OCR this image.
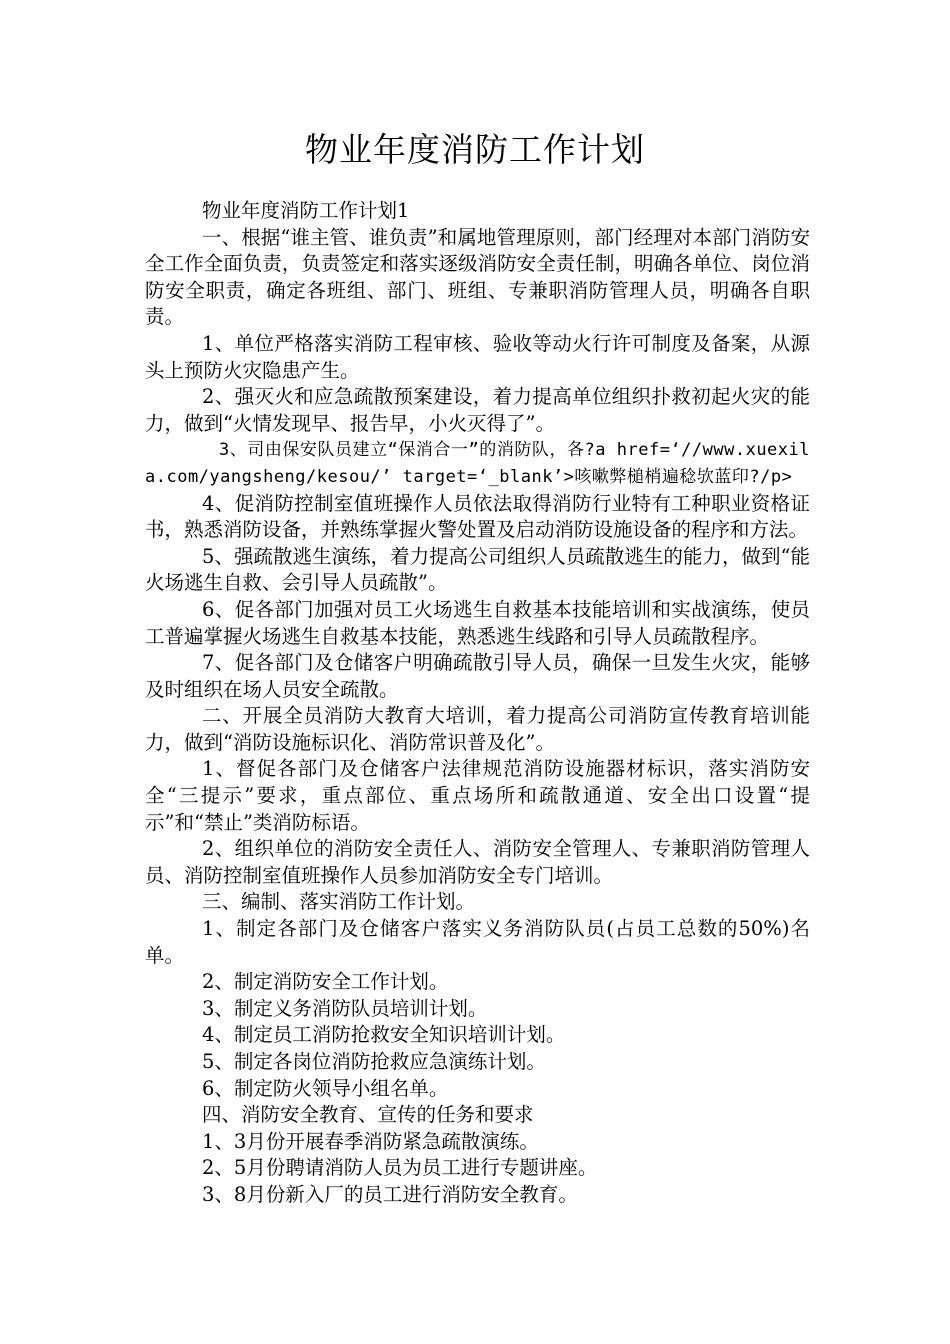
物业年度消防工作计划

物业年度消防工作计划1

一、根据“谁主管、谁负责”和属地管理原则，部门经理对本部门消防安全工作全面负责，负责签定和落实逐级消防安全责任制，明确各单位、岗位消防安全职责，确定各班组、部门、班组、专兼职消防管理人员，明确各自职责。

1、单位严格落实消防工程审核、验收等动火行许可制度及备案，从源头上预防火灾隐患产生。

2、强灭火和应急疏散预案建设，着力提高单位组织扑救初起火灾的能力，做到“火情发现早、报告早，小火灭得了”。

3、司由保安队员建立“保消合一”的消防队，各?a href=‘//www.xuexila.com/yangsheng/kesou/’ target=‘_blank’>咳嗽弊槌梢遍稔欤蓝印?/p>

4、促消防控制室值班操作人员依法取得消防行业特有工种职业资格证书，熟悉消防设备，并熟练掌握火警处置及启动消防设施设备的程序和方法。

5、强疏散逃生演练，着力提高公司组织人员疏散逃生的能力，做到“能火场逃生自救、会引导人员疏散”。

6、促各部门加强对员工火场逃生自救基本技能培训和实战演练，使员工普遍掌握火场逃生自救基本技能，熟悉逃生线路和引导人员疏散程序。

7、促各部门及仓储客户明确疏散引导人员，确保一旦发生火灾，能够及时组织在场人员安全疏散。

二、开展全员消防大教育大培训，着力提高公司消防宣传教育培训能力，做到“消防设施标识化、消防常识普及化”。

1、督促各部门及仓储客户法律规范消防设施器材标识，落实消防安全“三提示”要求，重点部位、重点场所和疏散通道、安全出口设置“提示”和“禁止”类消防标语。

2、组织单位的消防安全责任人、消防安全管理人、专兼职消防管理人员、消防控制室值班操作人员参加消防安全专门培训。

三、编制、落实消防工作计划。

1、制定各部门及仓储客户落实义务消防队员(占员工总数的50%)名单。

2、制定消防安全工作计划。

3、制定义务消防队员培训计划。

4、制定员工消防抢救安全知识培训计划。

5、制定各岗位消防抢救应急演练计划。

6、制定防火领导小组名单。

四、消防安全教育、宣传的任务和要求

1、3月份开展春季消防紧急疏散演练。

2、5月份聘请消防人员为员工进行专题讲座。

3、8月份新入厂的员工进行消防安全教育。
